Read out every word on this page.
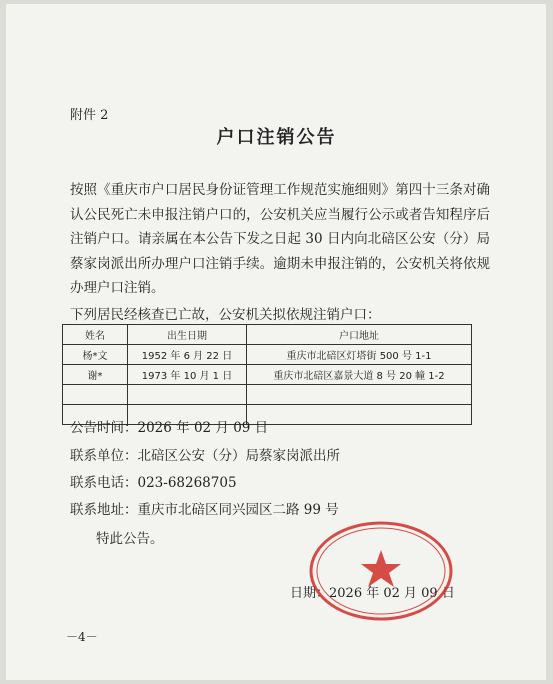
附件 2
户口注销公告
按照《重庆市户口居民身份证管理工作规范实施细则》第四十三条对确认公民死亡未申报注销户口的，公安机关应当履行公示或者告知程序后注销户口。请亲属在本公告下发之日起 30 日内向北碚区公安（分）局蔡家岗派出所办理户口注销手续。逾期未申报注销的，公安机关将依规办理户口注销。
下列居民经核查已亡故，公安机关拟依规注销户口：
姓名	出生日期	户口地址
杨*文	1952 年 6 月 22 日	重庆市北碚区灯塔街 500 号 1-1
谢*	1973 年 10 月 1 日	重庆市北碚区嘉景大道 8 号 20 幢 1-2

公告时间：2026 年 02 月 09 日
联系单位：北碚区公安（分）局蔡家岗派出所
联系电话：023-68268705
联系地址：重庆市北碚区同兴园区二路 99 号
特此公告。
日期：2026 年 02 月 09 日
－4－
